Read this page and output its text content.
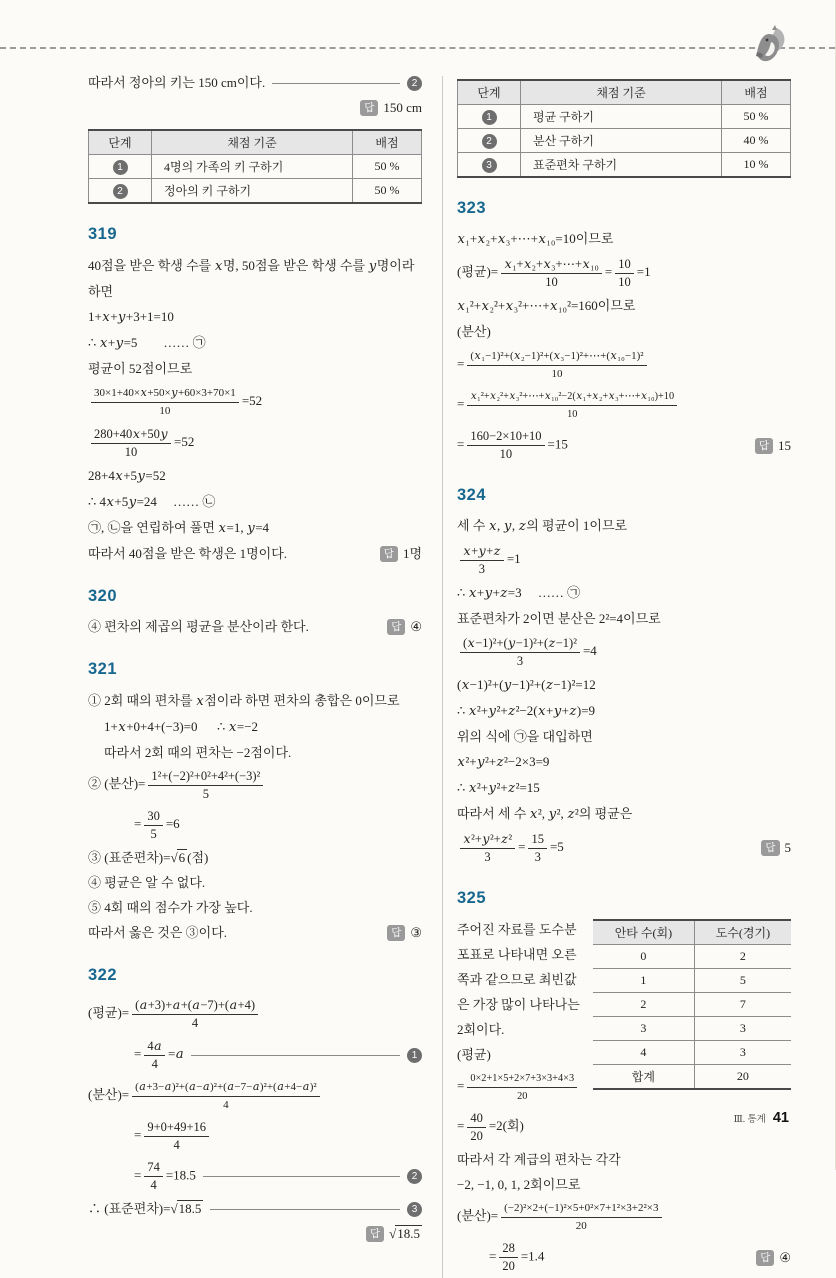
따라서 정아의 키는 150 cm이다.	2
답 150 cm
단계	채점 기준	배점
1	4명의 가족의 키 구하기	50 %
2	정아의 키 구하기	50 %
319
40점을 받은 학생 수를 x명, 50점을 받은 학생 수를 y명이라 하면
1+x+y+3+1=10
∴ x+y=5        …… ㉠
평균이 52점이므로
$\frac{30\times 1+40\times x+50\times y+60\times 3+70\times 1}{10} =52$
$\frac{280+40x+50y}{10} =52$
28+4x+5y=52
∴ 4x+5y=24     …… ㉡
㉠, ㉡을 연립하여 풀면 x=1, y=4
따라서 40점을 받은 학생은 1명이다.	답 1명
320
④ 편차의 제곱의 평균을 분산이라 한다.	답 ④
321
① 2회 때의 편차를 x점이라 하면 편차의 총합은 0이므로
1+x+0+4+(−3)=0      ∴ x=−2
따라서 2회 때의 편차는 −2점이다.
② (분산)= $\frac{\text{1²+(−2)²+0²+4²+(−3)²}}{5}$
= $\frac{30}{5} =6$
③ (표준편차)=√6 (점)
④ 평균은 알 수 없다.
⑤ 4회 때의 점수가 가장 높다.
따라서 옳은 것은 ③이다.	답 ③
322
(평균)= $\frac{(a+3)+a+(a-7)+(a+4)}{4}$
= $\frac{4a}{4} =a$	1
(분산)= $\frac{\text{(a+3−a)²+(a−a)²+(a−7−a)²+(a+4−a)²}}{4}$
= $\frac{9+0+49+16}{4}$
= $\frac{74}{4} =18.5$	2
∴ (표준편차)=√18.5	3
답 √18.5
단계	채점 기준	배점
1	평균 구하기	50 %
2	분산 구하기	40 %
3	표준편차 구하기	10 %
323
x₁+x₂+x₃+⋯+x₁₀=10이므로
(평균)= $\frac{\text{x₁+x₂+x₃+⋯+x₁₀}}{10} = \frac{10}{10} =1$
x₁²+x₂²+x₃²+⋯+x₁₀²=160이므로
(분산)
= $\frac{\text{(x₁−1)²+(x₂−1)²+(x₃−1)²+⋯+(x₁₀−1)²}}{10}$
= $\frac{\text{x₁²+x₂²+x₃²+⋯+x₁₀²−2(x₁+x₂+x₃+⋯+x₁₀)+10}}{10}$
= $\frac{160-2\times 10+10}{10} =15$	답 15
324
세 수 x, y, z의 평균이 1이므로
$\frac{x+y+z}{3} =1$
∴ x+y+z=3     …… ㉠
표준편차가 2이면 분산은 2²=4이므로
$\frac{\text{(x−1)²+(y−1)²+(z−1)²}}{3} =4$
(x−1)²+(y−1)²+(z−1)²=12
∴ x²+y²+z²−2(x+y+z)=9
위의 식에 ㉠을 대입하면
x²+y²+z²−2×3=9
∴ x²+y²+z²=15
따라서 세 수 x², y², z²의 평균은
$\frac{\text{x²+y²+z²}}{3} = \frac{15}{3} =5$	답 5
325
안타 수(회)	도수(경기)
0	2
1	5
2	7
3	3
4	3
합계	20
주어진 자료를 도수분포표로 나타내면 오른쪽과 같으므로 최빈값은 가장 많이 나타나는 2회이다.
(평균)
= $\frac{0\times 2+1\times 5+2\times 7+3\times 3+4\times 3}{20}$
= $\frac{40}{20} =2$(회)
따라서 각 계급의 편차는 각각
−2, −1, 0, 1, 2회이므로
(분산)= $\frac{\text{(−2)²×2+(−1)²×5+0²×7+1²×3+2²×3}}{20}$
= $\frac{28}{20} =1.4$	답 ④
Ⅲ. 통계 41
